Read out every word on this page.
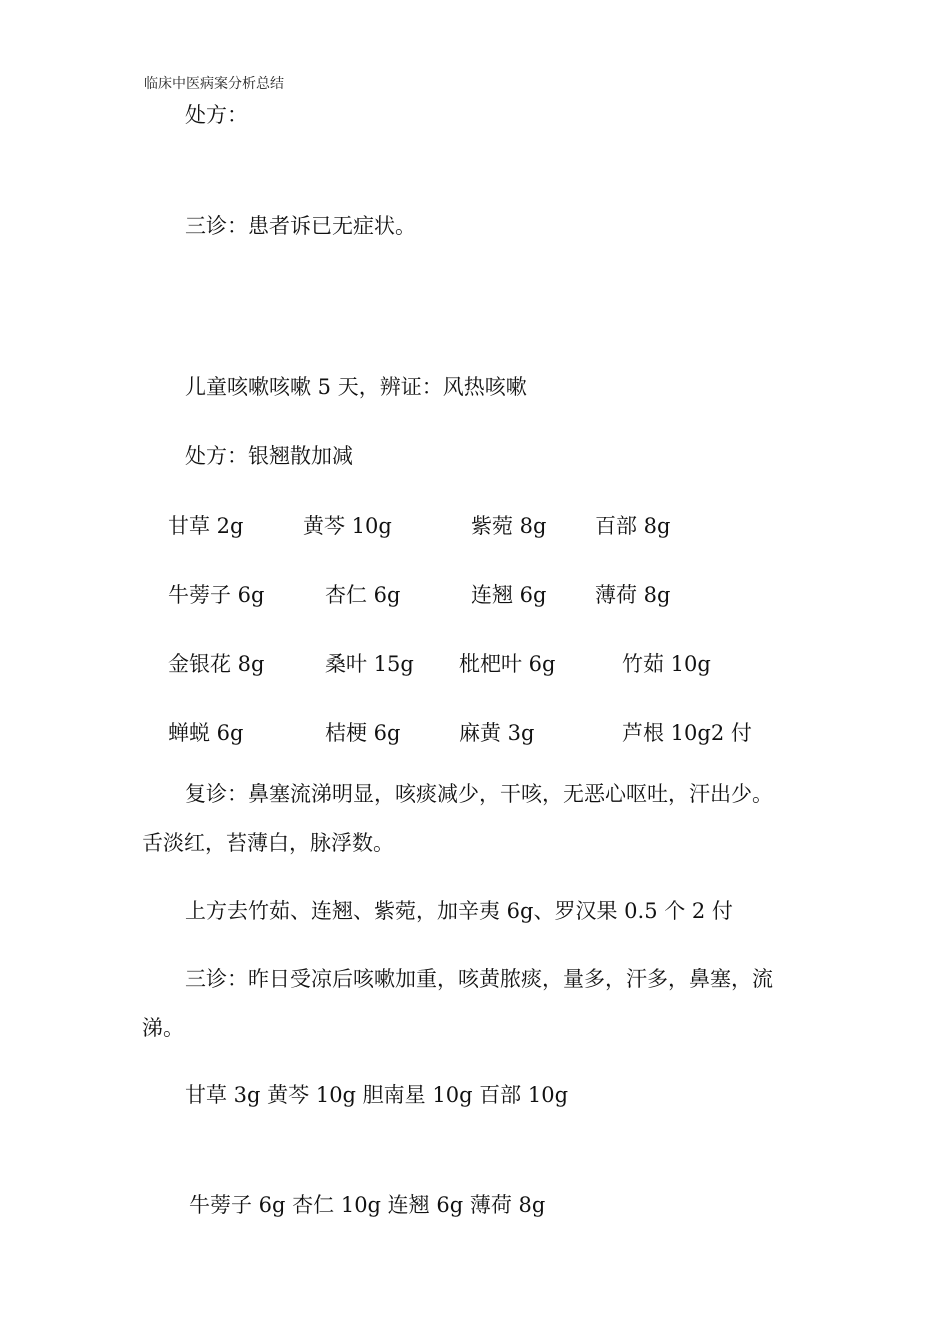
临床中医病案分析总结
处方：
三诊：患者诉已无症状。
儿童咳嗽咳嗽 5 天，辨证：风热咳嗽
处方：银翘散加减
甘草 2g	黄芩 10g	紫菀 8g 百部 8g
牛蒡子 6g	杏仁 6g	连翘 6g 薄荷 8g
金银花 8g	桑叶 15g 枇杷叶 6g	竹茹 10g
蝉蜕 6g	桔梗 6g	麻黄 3g	芦根 10g2 付
复诊：鼻塞流涕明显，咳痰减少，干咳，无恶心呕吐，汗出少。
舌淡红，苔薄白，脉浮数。
上方去竹茹、连翘、紫菀，加辛夷 6g、罗汉果 0.5 个 2 付
三诊：昨日受凉后咳嗽加重，咳黄脓痰，量多，汗多，鼻塞，流
涕。
甘草 3g 黄芩 10g 胆南星 10g 百部 10g
牛蒡子 6g 杏仁 10g 连翘 6g 薄荷 8g
